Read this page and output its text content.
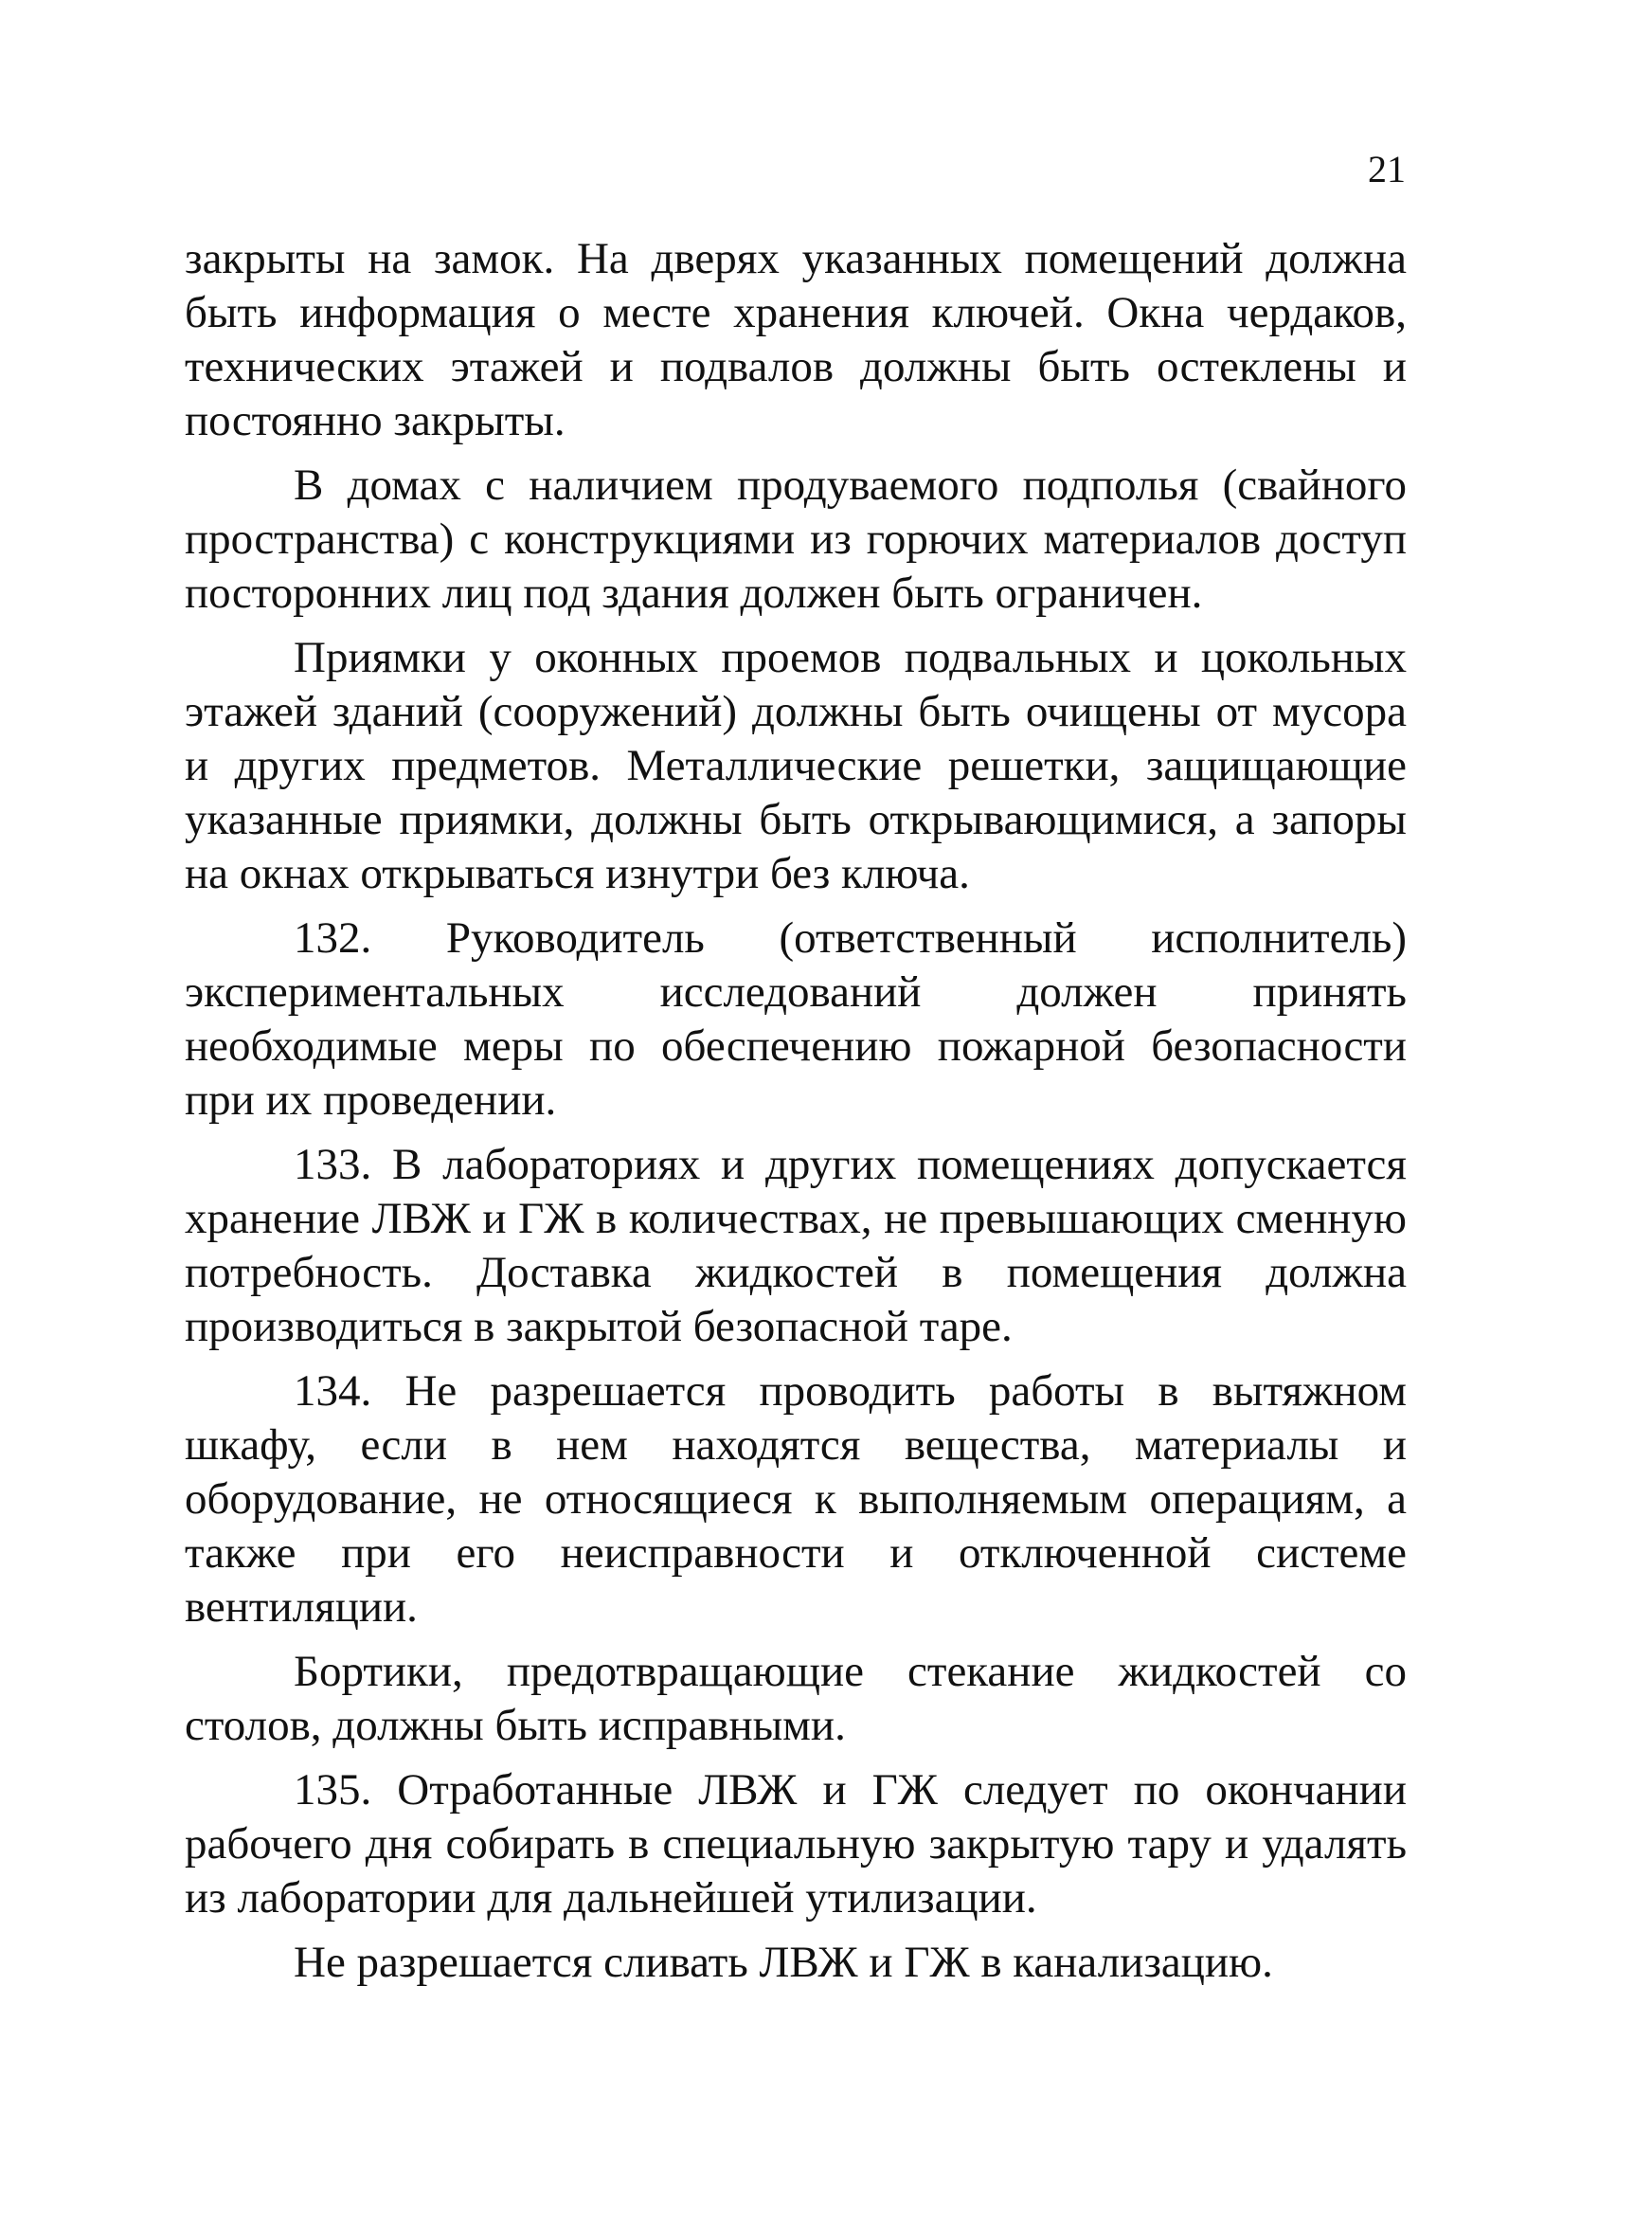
21

закрыты на замок. На дверях указанных помещений должна быть информация о месте хранения ключей. Окна чердаков, технических этажей и подвалов должны быть остеклены и постоянно закрыты.

В домах с наличием продуваемого подполья (свайного пространства) с конструкциями из горючих материалов доступ посторонних лиц под здания должен быть ограничен.

Приямки у оконных проемов подвальных и цокольных этажей зданий (сооружений) должны быть очищены от мусора и других предметов. Металлические решетки, защищающие указанные приямки, должны быть открывающимися, а запоры на окнах открываться изнутри без ключа.

132. Руководитель (ответственный исполнитель) экспериментальных исследований должен принять необходимые меры по обеспечению пожарной безопасности при их проведении.

133. В лабораториях и других помещениях допускается хранение ЛВЖ и ГЖ в количествах, не превышающих сменную потребность. Доставка жидкостей в помещения должна производиться в закрытой безопасной таре.

134. Не разрешается проводить работы в вытяжном шкафу, если в нем находятся вещества, материалы и оборудование, не относящиеся к выполняемым операциям, а также при его неисправности и отключенной системе вентиляции.

Бортики, предотвращающие стекание жидкостей со столов, должны быть исправными.

135. Отработанные ЛВЖ и ГЖ следует по окончании рабочего дня собирать в специальную закрытую тару и удалять из лаборатории для дальнейшей утилизации.

Не разрешается сливать ЛВЖ и ГЖ в канализацию.
